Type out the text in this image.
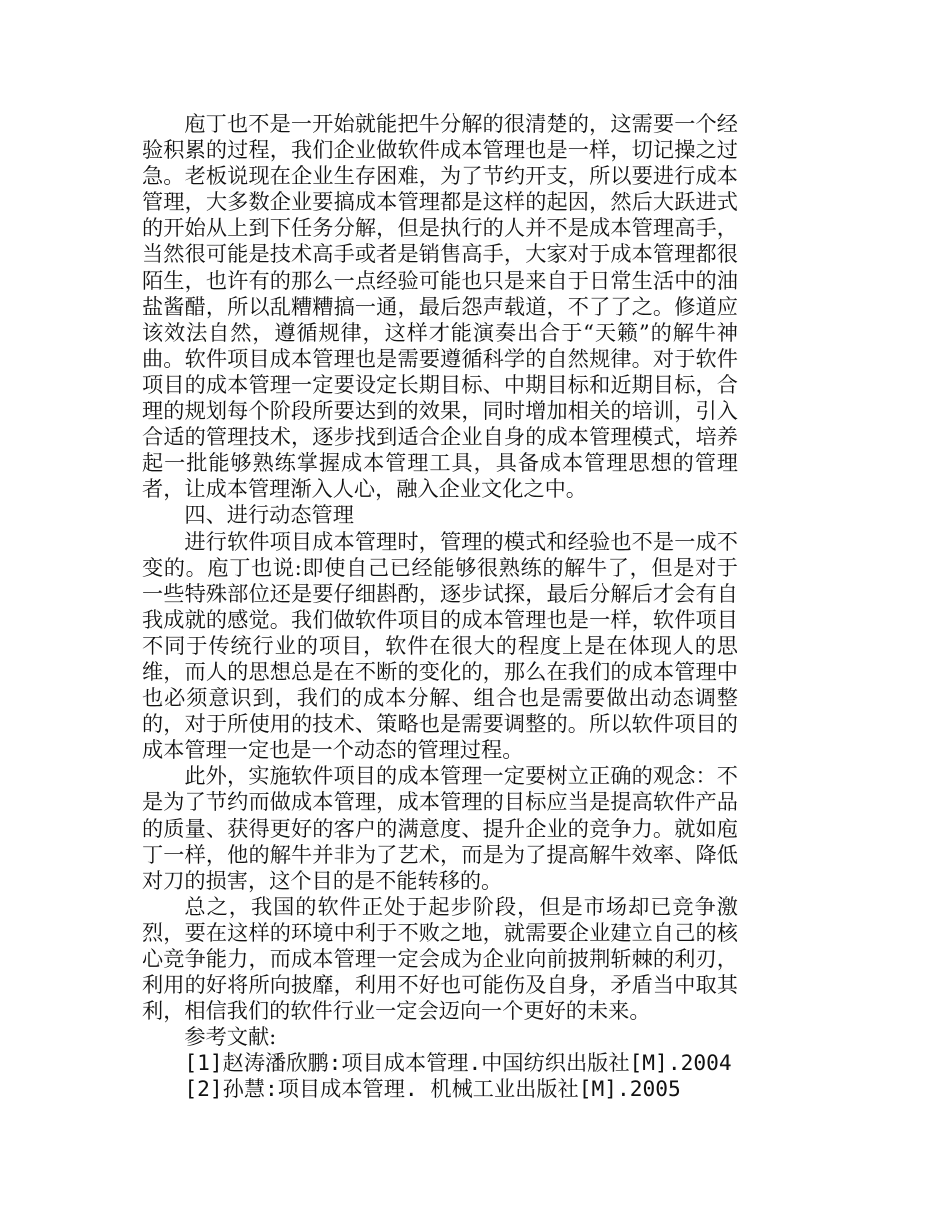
庖丁也不是一开始就能把牛分解的很清楚的，这需要一个经验积累的过程，我们企业做软件成本管理也是一样，切记操之过急。老板说现在企业生存困难，为了节约开支，所以要进行成本管理，大多数企业要搞成本管理都是这样的起因，然后大跃进式的开始从上到下任务分解，但是执行的人并不是成本管理高手，当然很可能是技术高手或者是销售高手，大家对于成本管理都很陌生，也许有的那么一点经验可能也只是来自于日常生活中的油盐酱醋，所以乱糟糟搞一通，最后怨声载道，不了了之。修道应该效法自然，遵循规律，这样才能演奏出合于“天籁”的解牛神曲。软件项目成本管理也是需要遵循科学的自然规律。对于软件项目的成本管理一定要设定长期目标、中期目标和近期目标，合理的规划每个阶段所要达到的效果，同时增加相关的培训，引入合适的管理技术，逐步找到适合企业自身的成本管理模式，培养起一批能够熟练掌握成本管理工具，具备成本管理思想的管理者，让成本管理渐入人心，融入企业文化之中。

四、进行动态管理

进行软件项目成本管理时，管理的模式和经验也不是一成不变的。庖丁也说:即使自己已经能够很熟练的解牛了，但是对于一些特殊部位还是要仔细斟酌，逐步试探，最后分解后才会有自我成就的感觉。我们做软件项目的成本管理也是一样，软件项目不同于传统行业的项目，软件在很大的程度上是在体现人的思维，而人的思想总是在不断的变化的，那么在我们的成本管理中也必须意识到，我们的成本分解、组合也是需要做出动态调整的，对于所使用的技术、策略也是需要调整的。所以软件项目的成本管理一定也是一个动态的管理过程。

此外，实施软件项目的成本管理一定要树立正确的观念：不是为了节约而做成本管理，成本管理的目标应当是提高软件产品的质量、获得更好的客户的满意度、提升企业的竞争力。就如庖丁一样，他的解牛并非为了艺术，而是为了提高解牛效率、降低对刀的损害，这个目的是不能转移的。

总之，我国的软件正处于起步阶段，但是市场却已竞争激烈，要在这样的环境中利于不败之地，就需要企业建立自己的核心竞争能力，而成本管理一定会成为企业向前披荆斩棘的利刃，利用的好将所向披靡，利用不好也可能伤及自身，矛盾当中取其利，相信我们的软件行业一定会迈向一个更好的未来。

参考文献:

[1]赵涛潘欣鹏:项目成本管理.中国纺织出版社[M].2004

[2]孙慧:项目成本管理. 机械工业出版社[M].2005
